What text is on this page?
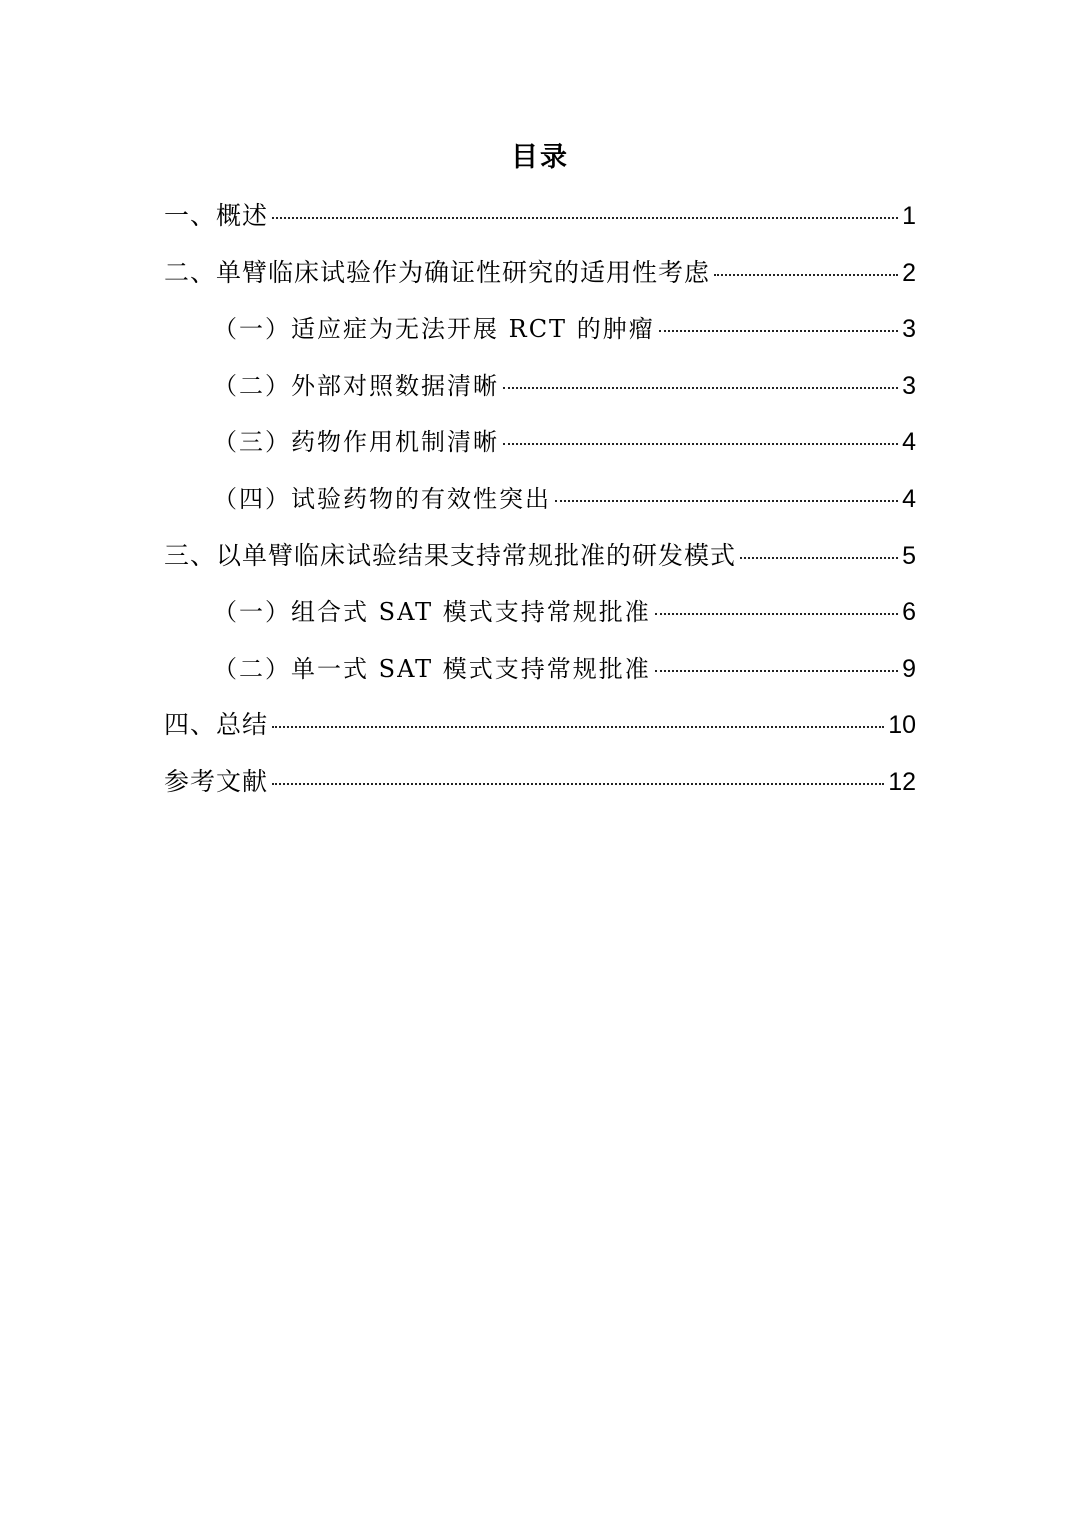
目录
一、概述	1
二、单臂临床试验作为确证性研究的适用性考虑	2
（一）适应症为无法开展 RCT 的肿瘤	3
（二）外部对照数据清晰	3
（三）药物作用机制清晰	4
（四）试验药物的有效性突出	4
三、以单臂临床试验结果支持常规批准的研发模式	5
（一）组合式 SAT 模式支持常规批准	6
（二）单一式 SAT 模式支持常规批准	9
四、总结	10
参考文献	12
